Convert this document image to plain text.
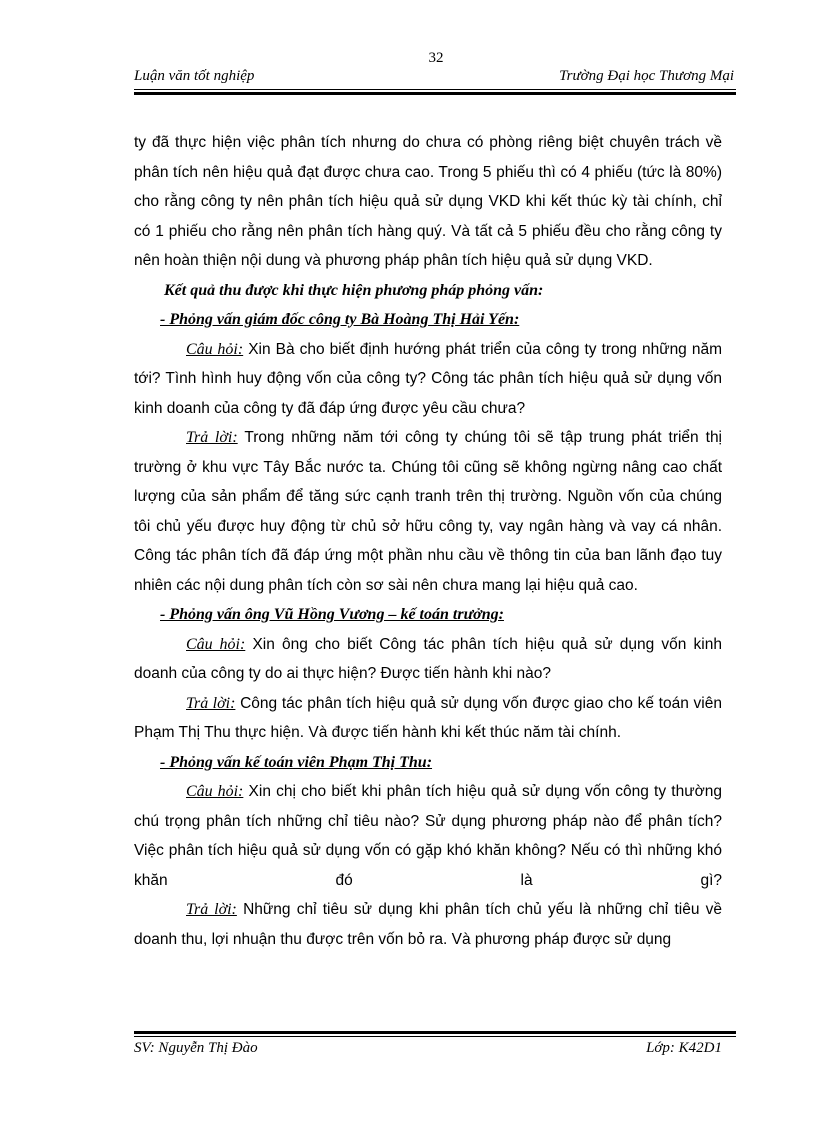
32
Luận văn tốt nghiệp	Trường Đại học Thương Mại

ty đã thực hiện việc phân tích nhưng do chưa có phòng riêng biệt chuyên trách về phân tích nên hiệu quả đạt được chưa cao. Trong 5 phiếu thì có 4 phiếu (tức là 80%) cho rằng công ty nên phân tích hiệu quả sử dụng VKD khi kết thúc kỳ tài chính, chỉ có 1 phiếu cho rằng nên phân tích hàng quý. Và tất cả 5 phiếu đều cho rằng công ty nên hoàn thiện nội dung và phương pháp phân tích hiệu quả sử dụng VKD.

Kết quả thu được khi thực hiện phương pháp phỏng vấn:

- Phỏng vấn giám đốc công ty Bà Hoàng Thị Hải Yến:

Câu hỏi: Xin Bà cho biết định hướng phát triển của công ty trong những năm tới? Tình hình huy động vốn của công ty? Công tác phân tích hiệu quả sử dụng vốn kinh doanh của công ty đã đáp ứng được yêu cầu chưa?

Trả lời: Trong những năm tới công ty chúng tôi sẽ tập trung phát triển thị trường ở khu vực Tây Bắc nước ta. Chúng tôi cũng sẽ không ngừng nâng cao chất lượng của sản phẩm để tăng sức cạnh tranh trên thị trường. Nguồn vốn của chúng tôi chủ yếu được huy động từ chủ sở hữu công ty, vay ngân hàng và vay cá nhân. Công tác phân tích đã đáp ứng một phần nhu cầu về thông tin của ban lãnh đạo tuy nhiên các nội dung phân tích còn sơ sài nên chưa mang lại hiệu quả cao.

- Phỏng vấn ông Vũ Hồng Vương – kế toán trưởng:

Câu hỏi: Xin ông cho biết Công tác phân tích hiệu quả sử dụng vốn kinh doanh của công ty do ai thực hiện? Được tiến hành khi nào?

Trả lời: Công tác phân tích hiệu quả sử dụng vốn được giao cho kế toán viên Phạm Thị Thu thực hiện. Và được tiến hành khi kết thúc năm tài chính.

- Phỏng vấn kế toán viên Phạm Thị Thu:

Câu hỏi: Xin chị cho biết khi phân tích hiệu quả sử dụng vốn công ty thường chú trọng phân tích những chỉ tiêu nào? Sử dụng phương pháp nào để phân tích? Việc phân tích hiệu quả sử dụng vốn có gặp khó khăn không? Nếu có thì những khó khăn đó là gì?

Trả lời: Những chỉ tiêu sử dụng khi phân tích chủ yếu là những chỉ tiêu về doanh thu, lợi nhuận thu được trên vốn bỏ ra. Và phương pháp được sử dụng

SV: Nguyễn Thị Đào	Lớp: K42D1
